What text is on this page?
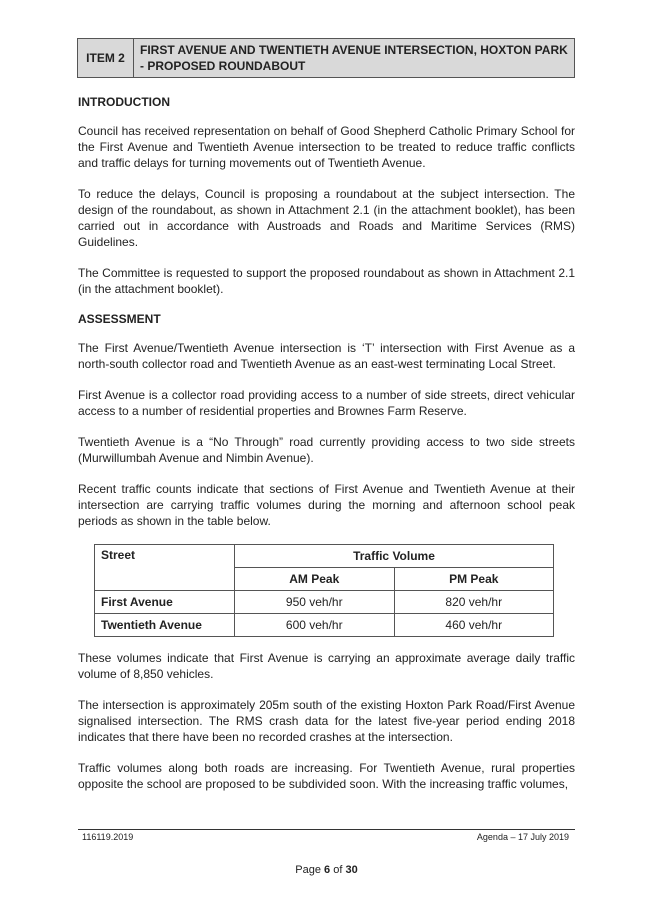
ITEM 2
FIRST AVENUE AND TWENTIETH AVENUE INTERSECTION, HOXTON PARK - PROPOSED ROUNDABOUT
INTRODUCTION

Council has received representation on behalf of Good Shepherd Catholic Primary School for the First Avenue and Twentieth Avenue intersection to be treated to reduce traffic conflicts and traffic delays for turning movements out of Twentieth Avenue.

To reduce the delays, Council is proposing a roundabout at the subject intersection. The design of the roundabout, as shown in Attachment 2.1 (in the attachment booklet), has been carried out in accordance with Austroads and Roads and Maritime Services (RMS) Guidelines.

The Committee is requested to support the proposed roundabout as shown in Attachment 2.1 (in the attachment booklet).

ASSESSMENT

The First Avenue/Twentieth Avenue intersection is ‘T’ intersection with First Avenue as a north-south collector road and Twentieth Avenue as an east-west terminating Local Street.

First Avenue is a collector road providing access to a number of side streets, direct vehicular access to a number of residential properties and Brownes Farm Reserve.

Twentieth Avenue is a “No Through” road currently providing access to two side streets (Murwillumbah Avenue and Nimbin Avenue).

Recent traffic counts indicate that sections of First Avenue and Twentieth Avenue at their intersection are carrying traffic volumes during the morning and afternoon school peak periods as shown in the table below.

Street	Traffic Volume	
	AM Peak	PM Peak
First Avenue	950 veh/hr	820 veh/hr
Twentieth Avenue	600 veh/hr	460 veh/hr

These volumes indicate that First Avenue is carrying an approximate average daily traffic volume of 8,850 vehicles.

The intersection is approximately 205m south of the existing Hoxton Park Road/First Avenue signalised intersection. The RMS crash data for the latest five-year period ending 2018 indicates that there have been no recorded crashes at the intersection.

Traffic volumes along both roads are increasing. For Twentieth Avenue, rural properties opposite the school are proposed to be subdivided soon. With the increasing traffic volumes,

116119.2019	Agenda – 17 July 2019
Page 6 of 30
